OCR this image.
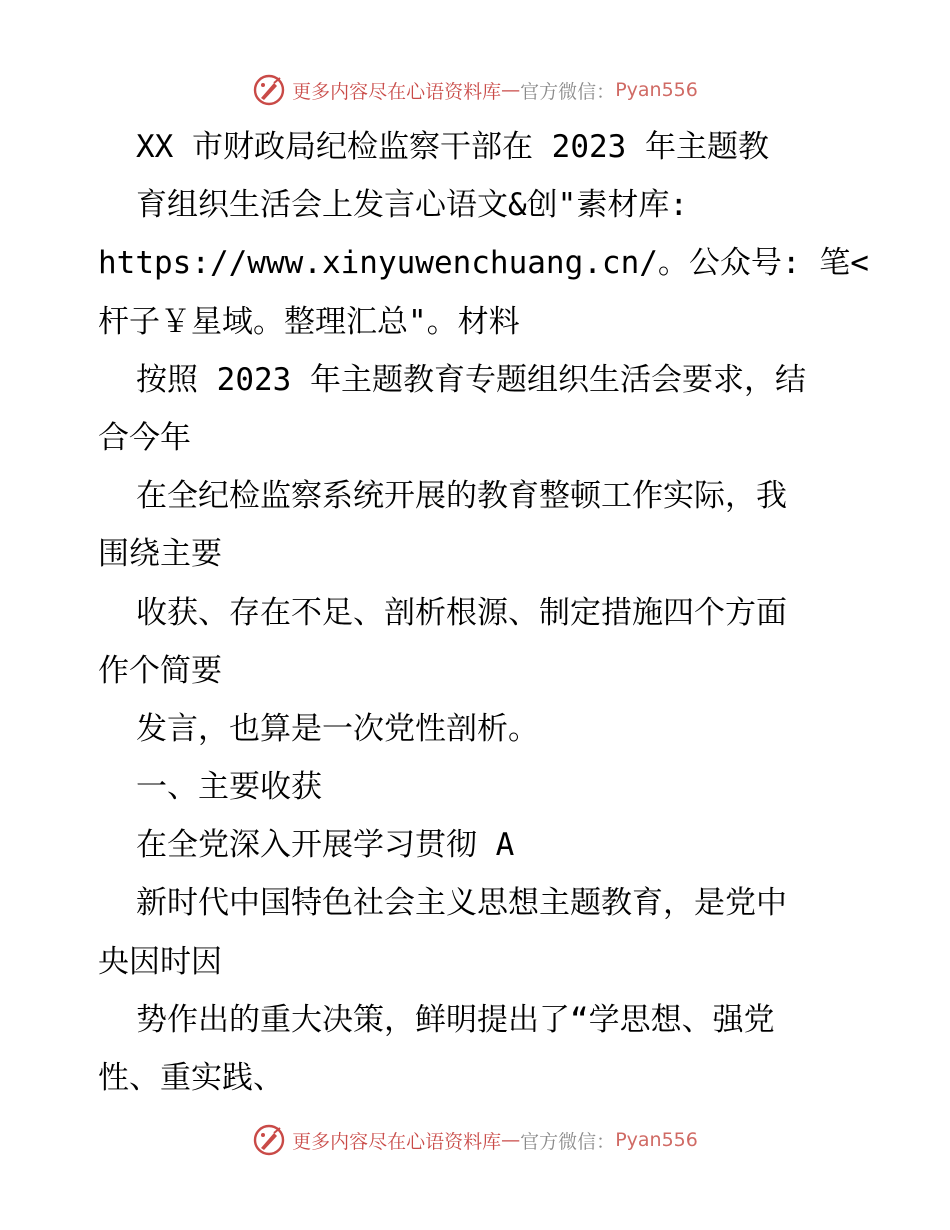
更多内容尽在心语资料库 — 官方微信： Pyan556
XX 市财政局纪检监察干部在 2023 年主题教
育组织生活会上发言心语文&创"素材库:
https://www.xinyuwenchuang.cn/。公众号: 笔<
杆子￥星域。整理汇总"。材料
按照 2023 年主题教育专题组织生活会要求，结
合今年
在全纪检监察系统开展的教育整顿工作实际，我
围绕主要
收获、存在不足、剖析根源、制定措施四个方面
作个简要
发言，也算是一次党性剖析。
一、主要收获
在全党深入开展学习贯彻 A
新时代中国特色社会主义思想主题教育，是党中
央因时因
势作出的重大决策，鲜明提出了“学思想、强党
性、重实践、
更多内容尽在心语资料库 — 官方微信： Pyan556
